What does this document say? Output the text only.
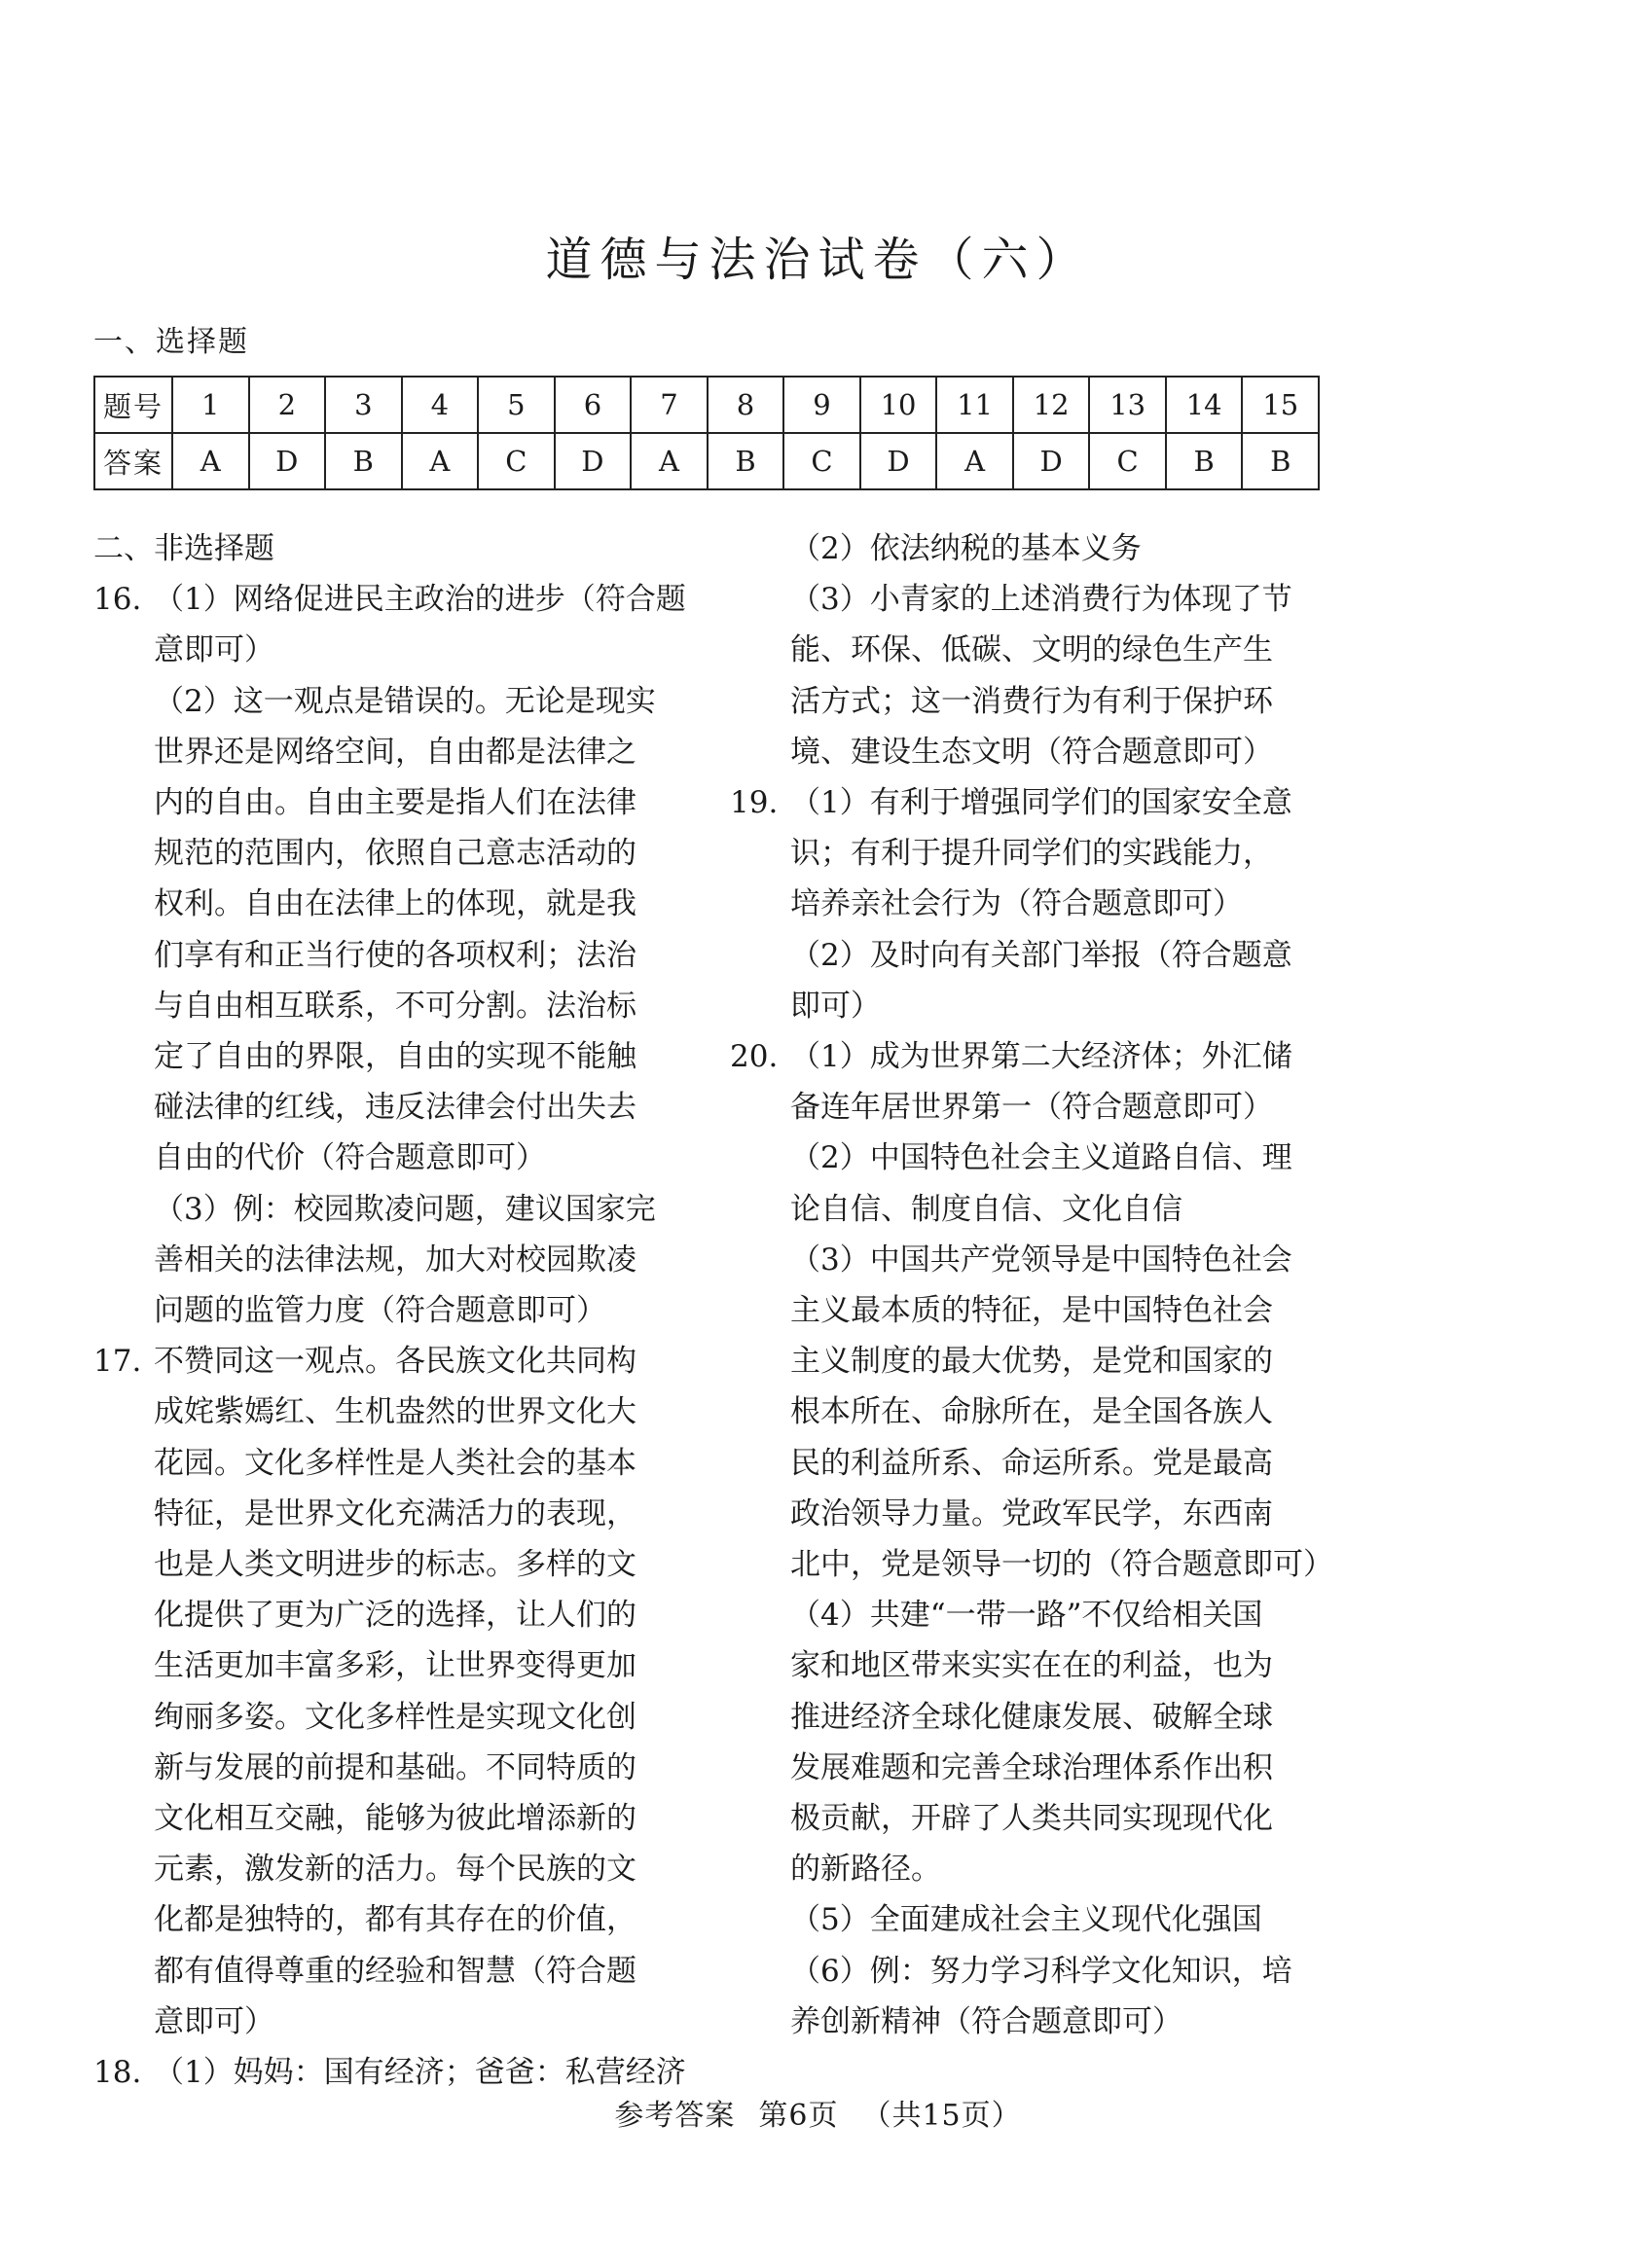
道德与法治试卷（六）
一、选择题
题号	1	2	3	4	5	6	7	8	9	10	11	12	13	14	15
答案	A	D	B	A	C	D	A	B	C	D	A	D	C	B	B
二、非选择题
16. （1）网络促进民主政治的进步（符合题
意即可）
（2）这一观点是错误的。无论是现实
世界还是网络空间，自由都是法律之
内的自由。自由主要是指人们在法律
规范的范围内，依照自己意志活动的
权利。自由在法律上的体现，就是我
们享有和正当行使的各项权利；法治
与自由相互联系，不可分割。法治标
定了自由的界限，自由的实现不能触
碰法律的红线，违反法律会付出失去
自由的代价（符合题意即可）
（3）例：校园欺凌问题，建议国家完
善相关的法律法规，加大对校园欺凌
问题的监管力度（符合题意即可）
17. 不赞同这一观点。各民族文化共同构
成姹紫嫣红、生机盎然的世界文化大
花园。文化多样性是人类社会的基本
特征，是世界文化充满活力的表现，
也是人类文明进步的标志。多样的文
化提供了更为广泛的选择，让人们的
生活更加丰富多彩，让世界变得更加
绚丽多姿。文化多样性是实现文化创
新与发展的前提和基础。不同特质的
文化相互交融，能够为彼此增添新的
元素，激发新的活力。每个民族的文
化都是独特的，都有其存在的价值，
都有值得尊重的经验和智慧（符合题
意即可）
18. （1）妈妈：国有经济；爸爸：私营经济
（2）依法纳税的基本义务
（3）小青家的上述消费行为体现了节
能、环保、低碳、文明的绿色生产生
活方式；这一消费行为有利于保护环
境、建设生态文明（符合题意即可）
19. （1）有利于增强同学们的国家安全意
识；有利于提升同学们的实践能力，
培养亲社会行为（符合题意即可）
（2）及时向有关部门举报（符合题意
即可）
20. （1）成为世界第二大经济体；外汇储
备连年居世界第一（符合题意即可）
（2）中国特色社会主义道路自信、理
论自信、制度自信、文化自信
（3）中国共产党领导是中国特色社会
主义最本质的特征，是中国特色社会
主义制度的最大优势，是党和国家的
根本所在、命脉所在，是全国各族人
民的利益所系、命运所系。党是最高
政治领导力量。党政军民学，东西南
北中，党是领导一切的（符合题意即可）
（4）共建“一带一路”不仅给相关国
家和地区带来实实在在的利益，也为
推进经济全球化健康发展、破解全球
发展难题和完善全球治理体系作出积
极贡献，开辟了人类共同实现现代化
的新路径。
（5）全面建成社会主义现代化强国
（6）例：努力学习科学文化知识，培
养创新精神（符合题意即可）
参考答案 第6页 （共15页）
